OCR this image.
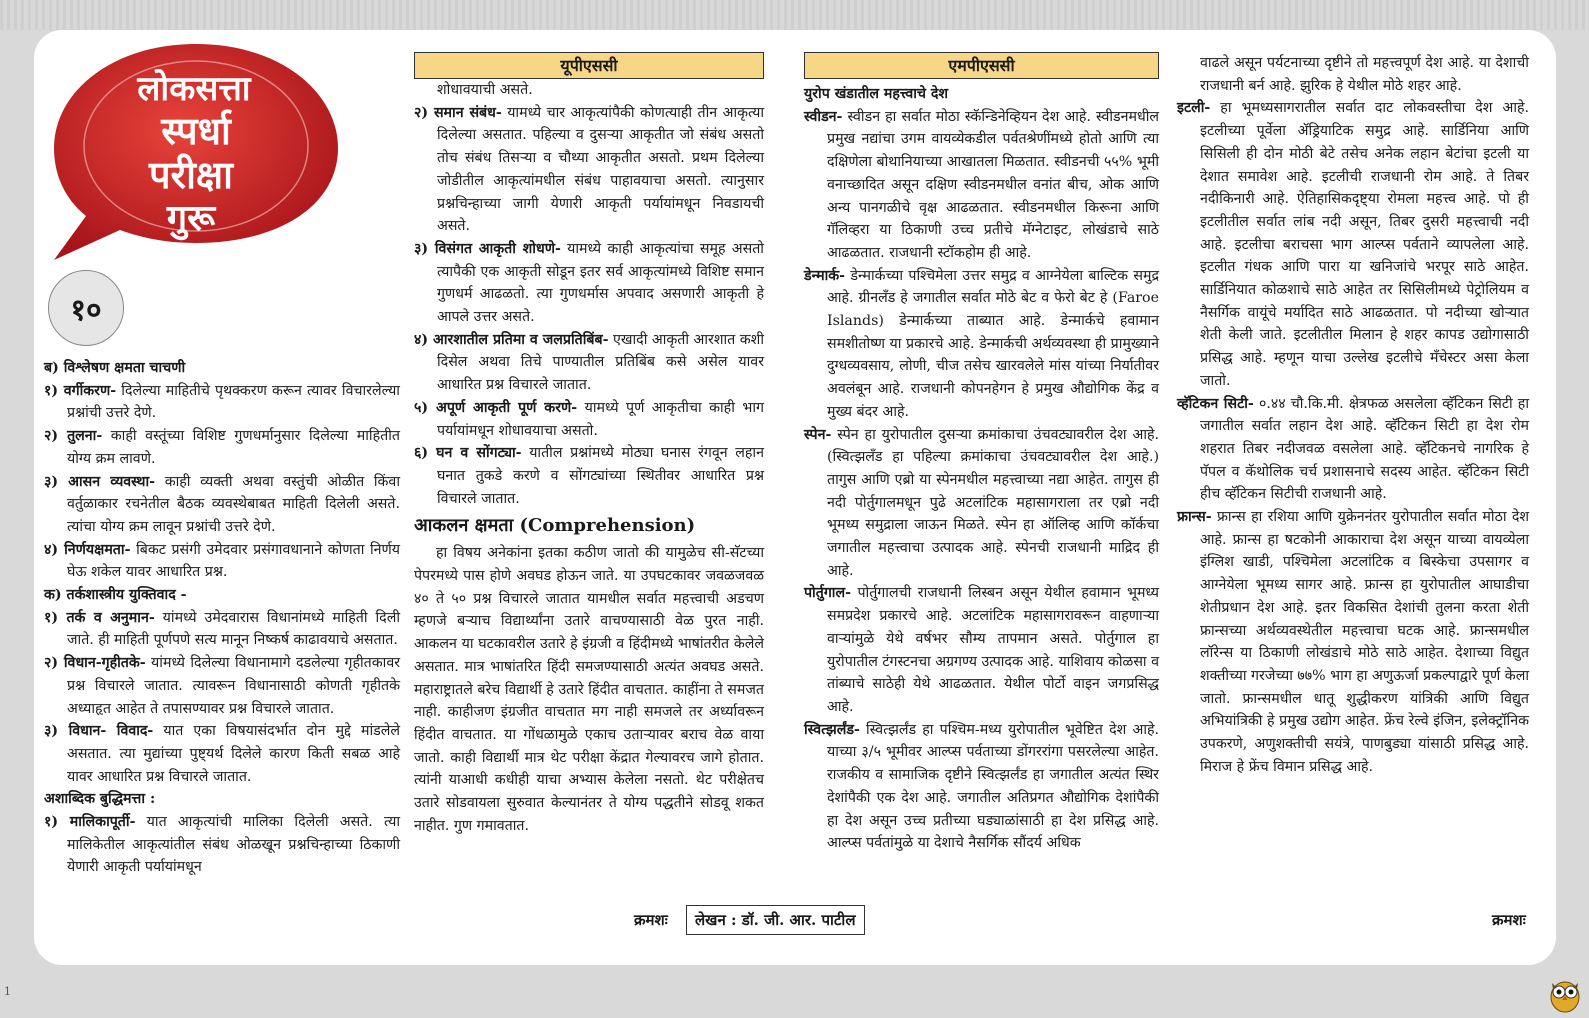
लोकसत्ता
स्पर्धा
परीक्षा
गुरू
१०

ब) विश्लेषण क्षमता चाचणी

१) वर्गीकरण- दिलेल्या माहितीचे पृथक्करण करून त्यावर विचारलेल्या प्रश्नांची उत्तरे देणे.

२) तुलना- काही वस्तूंच्या विशिष्ट गुणधर्मानुसार दिलेल्या माहितीत योग्य क्रम लावणे.

३) आसन व्यवस्था- काही व्यक्ती अथवा वस्तुंची ओळीत किंवा वर्तुळाकार रचनेतील बैठक व्यवस्थेबाबत माहिती दिलेली असते. त्यांचा योग्य क्रम लावून प्रश्नांची उत्तरे देणे.

४) निर्णयक्षमता- बिकट प्रसंगी उमेदवार प्रसंगावधानाने कोणता निर्णय घेऊ शकेल यावर आधारित प्रश्न.

क) तर्कशास्त्रीय युक्तिवाद -

१) तर्क व अनुमान- यांमध्ये उमेदवारास विधानांमध्ये माहिती दिली जाते. ही माहिती पूर्णपणे सत्य मानून निष्कर्ष काढावयाचे असतात.

२) विधान-गृहीतके- यांमध्ये दिलेल्या विधानामागे दडलेल्या गृहीतकावर प्रश्न विचारले जातात. त्यावरून विधानासाठी कोणती गृहीतके अध्याहृत आहेत ते तपासण्यावर प्रश्न विचारले जातात.

३) विधान- विवाद- यात एका विषयासंदर्भात दोन मुद्दे मांडलेले असतात. त्या मुद्यांच्या पुष्ट्यर्थ दिलेले कारण किती सबळ आहे यावर आधारित प्रश्न विचारले जातात.

अशाब्दिक बुद्धिमत्ता :

१) मालिकापूर्ती- यात आकृत्यांची मालिका दिलेली असते. त्या मालिकेतील आकृत्यांतील संबंध ओळखून प्रश्नचिन्हाच्या ठिकाणी येणारी आकृती पर्यायांमधून

यूपीएससी

शोधावयाची असते.

२) समान संबंध- यामध्ये चार आकृत्यांपैकी कोणत्याही तीन आकृत्या दिलेल्या असतात. पहिल्या व दुसऱ्या आकृतीत जो संबंध असतो तोच संबंध तिसऱ्या व चौथ्या आकृतीत असतो. प्रथम दिलेल्या जोडीतील आकृत्यांमधील संबंध पाहावयाचा असतो. त्यानुसार प्रश्नचिन्हाच्या जागी येणारी आकृती पर्यायांमधून निवडायची असते.

३) विसंगत आकृती शोधणे- यामध्ये काही आकृत्यांचा समूह असतो त्यापैकी एक आकृती सोडून इतर सर्व आकृत्यांमध्ये विशिष्ट समान गुणधर्म आढळतो. त्या गुणधर्मास अपवाद असणारी आकृती हे आपले उत्तर असते.

४) आरशातील प्रतिमा व जलप्रतिबिंब- एखादी आकृती आरशात कशी दिसेल अथवा तिचे पाण्यातील प्रतिबिंब कसे असेल यावर आधारित प्रश्न विचारले जातात.

५) अपूर्ण आकृती पूर्ण करणे- यामध्ये पूर्ण आकृतीचा काही भाग पर्यायांमधून शोधावयाचा असतो.

६) घन व सोंगट्या- यातील प्रश्नांमध्ये मोठ्या घनास रंगवून लहान घनात तुकडे करणे व सोंगट्यांच्या स्थितीवर आधारित प्रश्न विचारले जातात.

आकलन क्षमता (Comprehension)

हा विषय अनेकांना इतका कठीण जातो की यामुळेच सी-सॅटच्या पेपरमध्ये पास होणे अवघड होऊन जाते. या उपघटकावर जवळजवळ ४० ते ५० प्रश्न विचारले जातात यामधील सर्वात महत्त्वाची अडचण म्हणजे बऱ्याच विद्यार्थ्यांना उतारे वाचण्यासाठी वेळ पुरत नाही. आकलन या घटकावरील उतारे हे इंग्रजी व हिंदीमध्ये भाषांतरीत केलेले असतात. मात्र भाषांतरित हिंदी समजण्यासाठी अत्यंत अवघड असते. महाराष्ट्रातले बरेच विद्यार्थी हे उतारे हिंदीत वाचतात. काहींना ते समजत नाही. काहीजण इंग्रजीत वाचतात मग नाही समजले तर अर्ध्यावरून हिंदीत वाचतात. या गोंधळामुळे एकाच उताऱ्यावर बराच वेळ वाया जातो. काही विद्यार्थी मात्र थेट परीक्षा केंद्रात गेल्यावरच जागे होतात. त्यांनी याआधी कधीही याचा अभ्यास केलेला नसतो. थेट परीक्षेतच उतारे सोडवायला सुरुवात केल्यानंतर ते योग्य पद्धतीने सोडवू शकत नाहीत. गुण गमावतात.

एमपीएससी

युरोप खंडातील महत्त्वाचे देश

स्वीडन- स्वीडन हा सर्वात मोठा स्कॅन्डिनेव्हियन देश आहे. स्वीडनमधील प्रमुख नद्यांचा उगम वायव्येकडील पर्वतश्रेणींमध्ये होतो आणि त्या दक्षिणेला बोथानियाच्या आखातला मिळतात. स्वीडनची ५५% भूमी वनाच्छादित असून दक्षिण स्वीडनमधील वनांत बीच, ओक आणि अन्य पानगळीचे वृक्ष आढळतात. स्वीडनमधील किरूना आणि गॅलिव्हरा या ठिकाणी उच्च प्रतीचे मॅग्नेटाइट, लोखंडाचे साठे आढळतात. राजधानी स्टॉकहोम ही आहे.

डेन्मार्क- डेन्मार्कच्या पश्चिमेला उत्तर समुद्र व आग्नेयेला बाल्टिक समुद्र आहे. ग्रीनलँड हे जगातील सर्वात मोठे बेट व फेरो बेट हे (Faroe Islands) डेन्मार्कच्या ताब्यात आहे. डेन्मार्कचे हवामान समशीतोष्ण या प्रकारचे आहे. डेन्मार्कची अर्थव्यवस्था ही प्रामुख्याने दुग्धव्यवसाय, लोणी, चीज तसेच खारवलेले मांस यांच्या निर्यातीवर अवलंबून आहे. राजधानी कोपनहेगन हे प्रमुख औद्योगिक केंद्र व मुख्य बंदर आहे.

स्पेन- स्पेन हा युरोपातील दुसऱ्या क्रमांकाचा उंचवट्यावरील देश आहे. (स्वित्झलँड हा पहिल्या क्रमांकाचा उंचवट्यावरील देश आहे.) तागुस आणि एब्रो या स्पेनमधील महत्त्वाच्या नद्या आहेत. तागुस ही नदी पोर्तुगालमधून पुढे अटलांटिक महासागराला तर एब्रो नदी भूमध्य समुद्राला जाऊन मिळते. स्पेन हा ऑलिव्ह आणि कॉर्कचा जगातील महत्त्वाचा उत्पादक आहे. स्पेनची राजधानी माद्रिद ही आहे.

पोर्तुगाल- पोर्तुगालची राजधानी लिस्बन असून येथील हवामान भूमध्य समप्रदेश प्रकारचे आहे. अटलांटिक महासागरावरून वाहणाऱ्या वाऱ्यांमुळे येथे वर्षभर सौम्य तापमान असते. पोर्तुगाल हा युरोपातील टंगस्टनचा अग्रगण्य उत्पादक आहे. याशिवाय कोळसा व तांब्याचे साठेही येथे आढळतात. येथील पोर्टो वाइन जगप्रसिद्ध आहे.

स्वित्झर्लंड- स्वित्झर्लंड हा पश्चिम-मध्य युरोपातील भूवेष्टित देश आहे. याच्या ३/५ भूमीवर आल्प्स पर्वताच्या डोंगररांगा पसरलेल्या आहेत. राजकीय व सामाजिक दृष्टीने स्वित्झर्लंड हा जगातील अत्यंत स्थिर देशांपैकी एक देश आहे. जगातील अतिप्रगत औद्योगिक देशांपैकी हा देश असून उच्च प्रतीच्या घड्याळांसाठी हा देश प्रसिद्ध आहे. आल्प्स पर्वतांमुळे या देशाचे नैसर्गिक सौंदर्य अधिक

वाढले असून पर्यटनाच्या दृष्टीने तो महत्त्वपूर्ण देश आहे. या देशाची राजधानी बर्न आहे. झुरिक हे येथील मोठे शहर आहे.

इटली- हा भूमध्यसागरातील सर्वात दाट लोकवस्तीचा देश आहे. इटलीच्या पूर्वेला ॲड्रियाटिक समुद्र आहे. सार्डिनिया आणि सिसिली ही दोन मोठी बेटे तसेच अनेक लहान बेटांचा इटली या देशात समावेश आहे. इटलीची राजधानी रोम आहे. ते तिबर नदीकिनारी आहे. ऐतिहासिकदृष्ट्या रोमला महत्त्व आहे. पो ही इटलीतील सर्वात लांब नदी असून, तिबर दुसरी महत्त्वाची नदी आहे. इटलीचा बराचसा भाग आल्प्स पर्वताने व्यापलेला आहे. इटलीत गंधक आणि पारा या खनिजांचे भरपूर साठे आहेत. सार्डिनियात कोळशाचे साठे आहेत तर सिसिलीमध्ये पेट्रोलियम व नैसर्गिक वायूंचे मर्यादित साठे आढळतात. पो नदीच्या खोऱ्यात शेती केली जाते. इटलीतील मिलान हे शहर कापड उद्योगासाठी प्रसिद्ध आहे. म्हणून याचा उल्लेख इटलीचे मँचेस्टर असा केला जातो.

व्हॅटिकन सिटी- ०.४४ चौ.कि.मी. क्षेत्रफळ असलेला व्हॅटिकन सिटी हा जगातील सर्वात लहान देश आहे. व्हॅटिकन सिटी हा देश रोम शहरात तिबर नदीजवळ वसलेला आहे. व्हॅटिकनचे नागरिक हे पॅपल व कॅथोलिक चर्च प्रशासनाचे सदस्य आहेत. व्हॅटिकन सिटी हीच व्हॅटिकन सिटीची राजधानी आहे.

फ्रान्स- फ्रान्स हा रशिया आणि युक्रेननंतर युरोपातील सर्वात मोठा देश आहे. फ्रान्स हा षटकोनी आकाराचा देश असून याच्या वायव्येला इंग्लिश खाडी, पश्चिमेला अटलांटिक व बिस्केचा उपसागर व आग्नेयेला भूमध्य सागर आहे. फ्रान्स हा युरोपातील आघाडीचा शेतीप्रधान देश आहे. इतर विकसित देशांची तुलना करता शेती फ्रान्सच्या अर्थव्यवस्थेतील महत्त्वाचा घटक आहे. फ्रान्समधील लॉरेन्स या ठिकाणी लोखंडाचे मोठे साठे आहेत. देशाच्या विद्युत शक्तीच्या गरजेच्या ७७% भाग हा अणुऊर्जा प्रकल्पाद्वारे पूर्ण केला जातो. फ्रान्समधील धातू शुद्धीकरण यांत्रिकी आणि विद्युत अभियांत्रिकी हे प्रमुख उद्योग आहेत. फ्रेंच रेल्वे इंजिन, इलेक्ट्रॉनिक उपकरणे, अणुशक्तीची सयंत्रे, पाणबुड्या यांसाठी प्रसिद्ध आहे. मिराज हे फ्रेंच विमान प्रसिद्ध आहे.

क्रमशः	लेखन : डॉ. जी. आर. पाटील	क्रमशः
1
